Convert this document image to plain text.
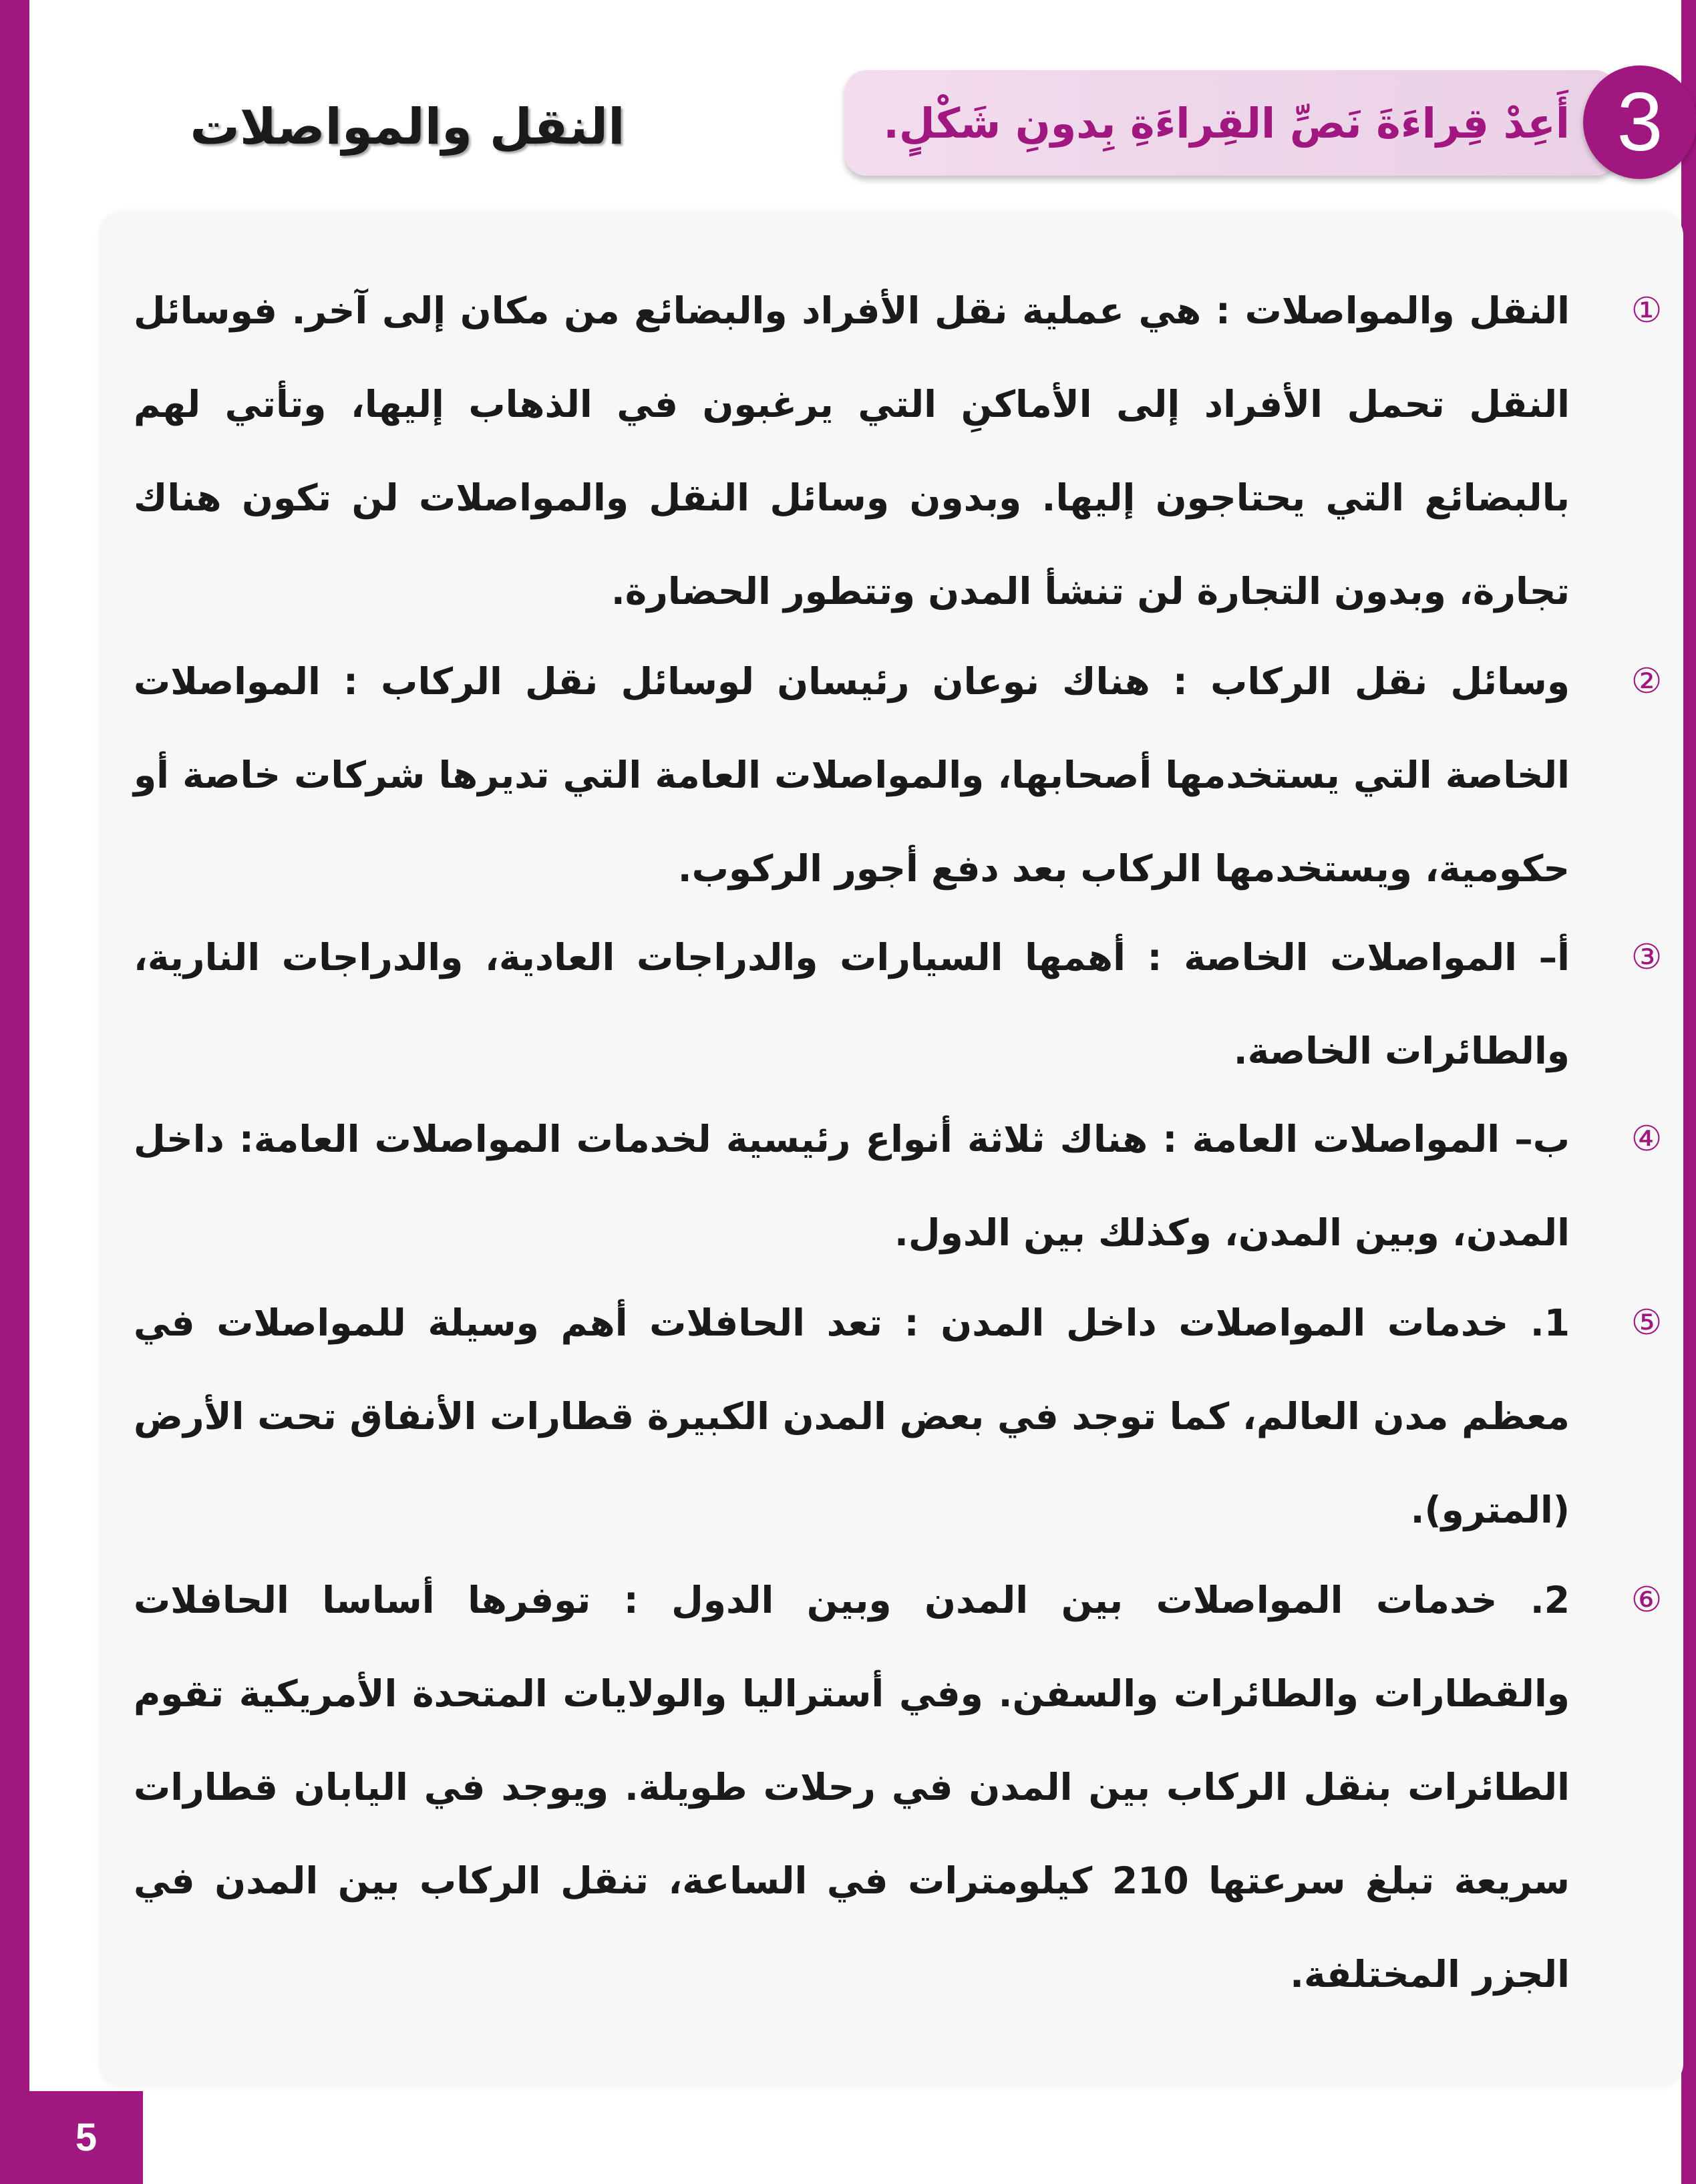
5
النقل والمواصلات	أَعِدْ قِراءَةَ نَصِّ القِراءَةِ بِدونِ شَكْلٍ. 3
①
النقل والمواصلات : هي عملية نقل الأفراد والبضائع من مكان إلى آخر. فوسائل النقل تحمل الأفراد إلى الأماكنِ التي يرغبون في الذهاب إليها، وتأتي لهم بالبضائع التي يحتاجون إليها. وبدون وسائل النقل والمواصلات لن تكون هناك تجارة، وبدون التجارة لن تنشأ المدن وتتطور الحضارة.
②
وسائل نقل الركاب : هناك نوعان رئيسان لوسائل نقل الركاب : المواصلات الخاصة التي يستخدمها أصحابها، والمواصلات العامة التي تديرها شركات خاصة أو حكومية، ويستخدمها الركاب بعد دفع أجور الركوب.
③
أ– المواصلات الخاصة : أهمها السيارات والدراجات العادية، والدراجات النارية، والطائرات الخاصة.
④
ب– المواصلات العامة : هناك ثلاثة أنواع رئيسية لخدمات المواصلات العامة: داخل المدن، وبين المدن، وكذلك بين الدول.
⑤
1. خدمات المواصلات داخل المدن : تعد الحافلات أهم وسيلة للمواصلات في معظم مدن العالم، كما توجد في بعض المدن الكبيرة قطارات الأنفاق تحت الأرض (المترو).
⑥
2. خدمات المواصلات بين المدن وبين الدول : توفرها أساسا الحافلات والقطارات والطائرات والسفن. وفي أستراليا والولايات المتحدة الأمريكية تقوم الطائرات بنقل الركاب بين المدن في رحلات طويلة. ويوجد في اليابان قطارات سريعة تبلغ سرعتها 210 كيلومترات في الساعة، تنقل الركاب بين المدن في الجزر المختلفة.
